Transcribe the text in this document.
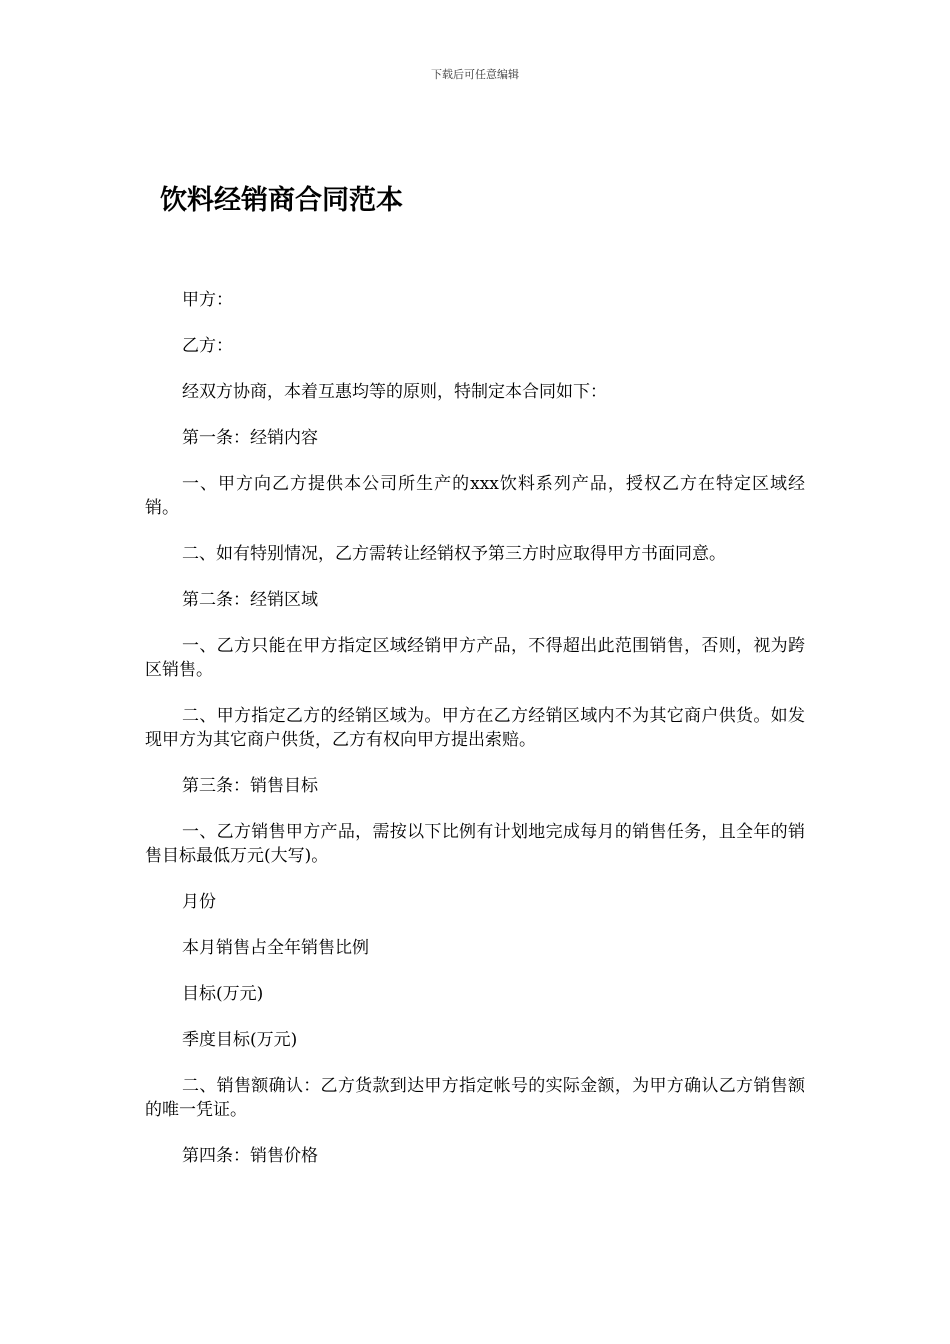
下载后可任意编辑
饮料经销商合同范本

甲方：

乙方：

经双方协商，本着互惠均等的原则，特制定本合同如下：

第一条：经销内容

一、甲方向乙方提供本公司所生产的xxx饮料系列产品，授权乙方在特定区域经销。

二、如有特别情况，乙方需转让经销权予第三方时应取得甲方书面同意。

第二条：经销区域

一、乙方只能在甲方指定区域经销甲方产品，不得超出此范围销售，否则，视为跨区销售。

二、甲方指定乙方的经销区域为。甲方在乙方经销区域内不为其它商户供货。如发现甲方为其它商户供货，乙方有权向甲方提出索赔。

第三条：销售目标

一、乙方销售甲方产品，需按以下比例有计划地完成每月的销售任务，且全年的销售目标最低万元(大写)。

月份

本月销售占全年销售比例

目标(万元)

季度目标(万元)

二、销售额确认：乙方货款到达甲方指定帐号的实际金额，为甲方确认乙方销售额的唯一凭证。

第四条：销售价格
